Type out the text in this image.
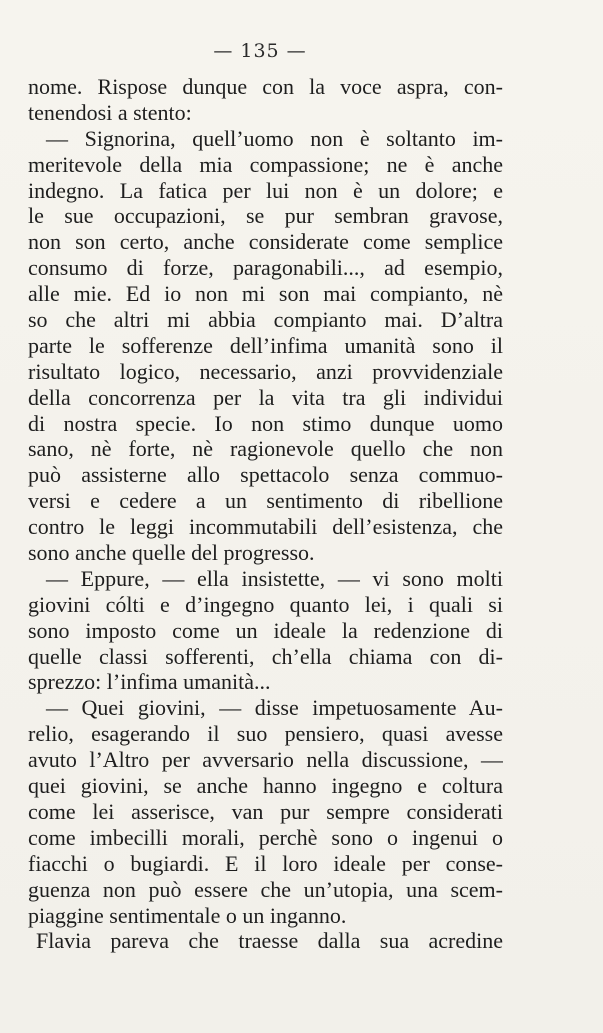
— 135 —
nome. Rispose dunque con la voce aspra, con-
tenendosi a stento:
— Signorina, quell’uomo non è soltanto im-
meritevole della mia compassione; ne è anche
indegno. La fatica per lui non è un dolore; e
le sue occupazioni, se pur sembran gravose,
non son certo, anche considerate come semplice
consumo di forze, paragonabili..., ad esempio,
alle mie. Ed io non mi son mai compianto, nè
so che altri mi abbia compianto mai. D’altra
parte le sofferenze dell’infima umanità sono il
risultato logico, necessario, anzi provvidenziale
della concorrenza per la vita tra gli individui
di nostra specie. Io non stimo dunque uomo
sano, nè forte, nè ragionevole quello che non
può assisterne allo spettacolo senza commuo-
versi e cedere a un sentimento di ribellione
contro le leggi incommutabili dell’esistenza, che
sono anche quelle del progresso.
— Eppure, — ella insistette, — vi sono molti
giovini cólti e d’ingegno quanto lei, i quali si
sono imposto come un ideale la redenzione di
quelle classi sofferenti, ch’ella chiama con di-
sprezzo: l’infima umanità...
— Quei giovini, — disse impetuosamente Au-
relio, esagerando il suo pensiero, quasi avesse
avuto l’Altro per avversario nella discussione, —
quei giovini, se anche hanno ingegno e coltura
come lei asserisce, van pur sempre considerati
come imbecilli morali, perchè sono o ingenui o
fiacchi o bugiardi. E il loro ideale per conse-
guenza non può essere che un’utopia, una scem-
piaggine sentimentale o un inganno.
Flavia pareva che traesse dalla sua acredine
